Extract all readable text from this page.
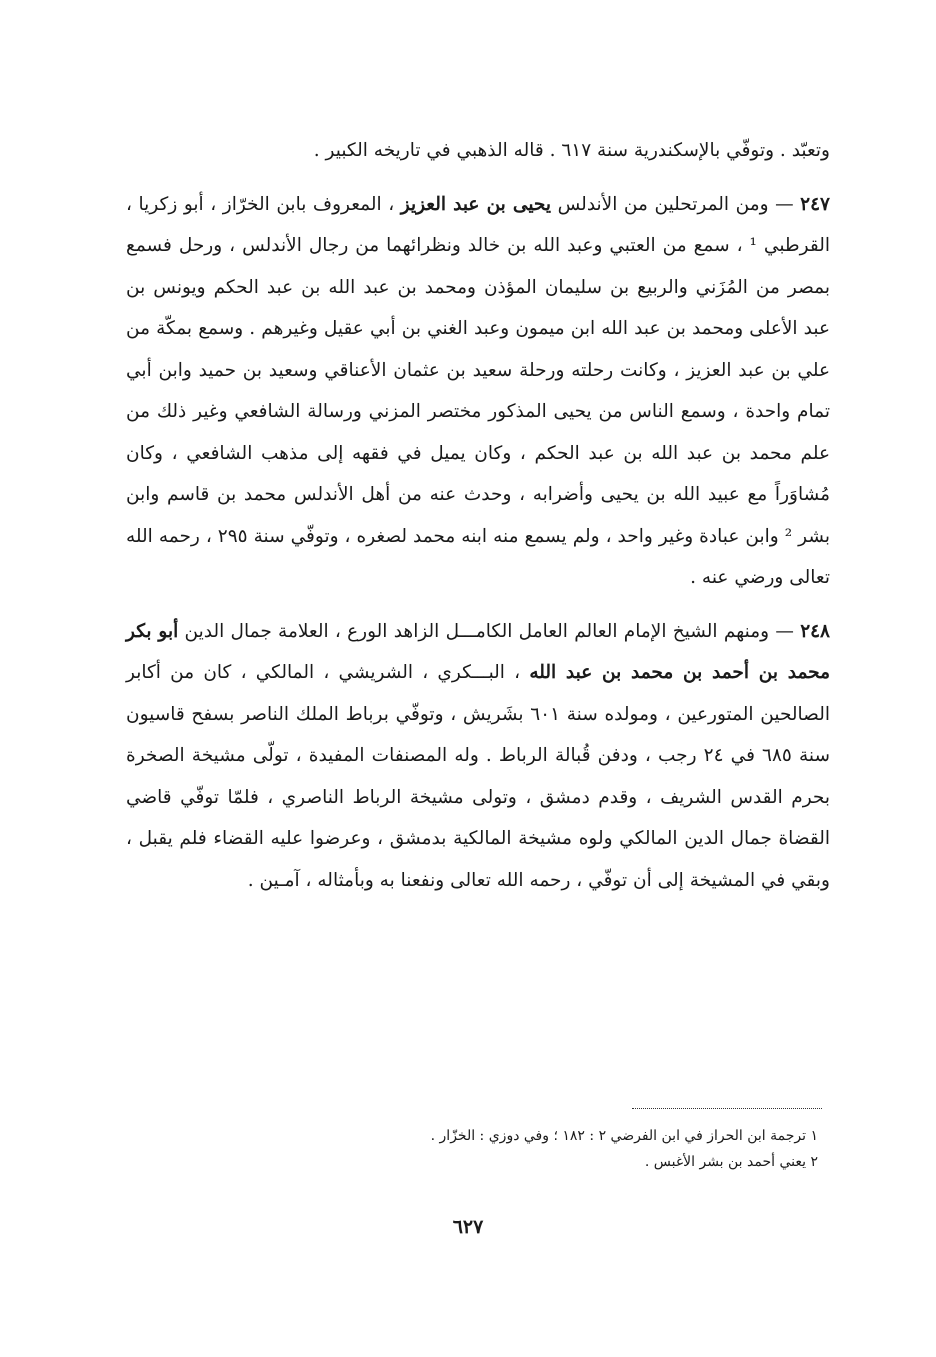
وتعبّد . وتوفّي بالإسكندرية سنة ٦١٧ . قاله الذهبي في تاريخه الكبير .

٢٤٧ — ومن المرتحلين من الأندلس يحيى بن عبد العزيز ، المعروف بابن الخرّاز ، أبو زكريا ، القرطبي ¹ ، سمع من العتبي وعبد الله بن خالد ونظرائهما من رجال الأندلس ، ورحل فسمع بمصر من المُزَني والربيع بن سليمان المؤذن ومحمد بن عبد الله بن عبد الحكم ويونس بن عبد الأعلى ومحمد بن عبد الله ابن ميمون وعبد الغني بن أبي عقيل وغيرهم . وسمع بمكّة من علي بن عبد العزيز ، وكانت رحلته ورحلة سعيد بن عثمان الأعناقي وسعيد بن حميد وابن أبي تمام واحدة ، وسمع الناس من يحيى المذكور مختصر المزني ورسالة الشافعي وغير ذلك من علم محمد بن عبد الله بن عبد الحكم ، وكان يميل في فقهه إلى مذهب الشافعي ، وكان مُشاوَراً مع عبيد الله بن يحيى وأضرابه ، وحدث عنه من أهل الأندلس محمد بن قاسم وابن بشر ² وابن عبادة وغير واحد ، ولم يسمع منه ابنه محمد لصغره ، وتوفّي سنة ٢٩٥ ، رحمه الله تعالى ورضي عنه .

٢٤٨ — ومنهم الشيخ الإمام العالم العامل الكامـــل الزاهد الورع ، العلامة جمال الدين أبو بكر محمد بن أحمد بن محمد بن عبد الله ، البـــكري ، الشريشي ، المالكي ، كان من أكابر الصالحين المتورعين ، ومولده سنة ٦٠١ بشَريش ، وتوفّي برباط الملك الناصر بسفح قاسيون سنة ٦٨٥ في ٢٤ رجب ، ودفن قُبالة الرباط . وله المصنفات المفيدة ، تولّى مشيخة الصخرة بحرم القدس الشريف ، وقدم دمشق ، وتولى مشيخة الرباط الناصري ، فلمّا توفّي قاضي القضاة جمال الدين المالكي ولوه مشيخة المالكية بدمشق ، وعرضوا عليه القضاء فلم يقبل ، وبقي في المشيخة إلى أن توفّي ، رحمه الله تعالى ونفعنا به وبأمثاله ، آمـين .

١ ترجمة ابن الحراز في ابن الفرضي ٢ : ١٨٢ ؛ وفي دوزي : الخزّار .
٢ يعني أحمد بن بشر الأغبس .
٦٢٧
